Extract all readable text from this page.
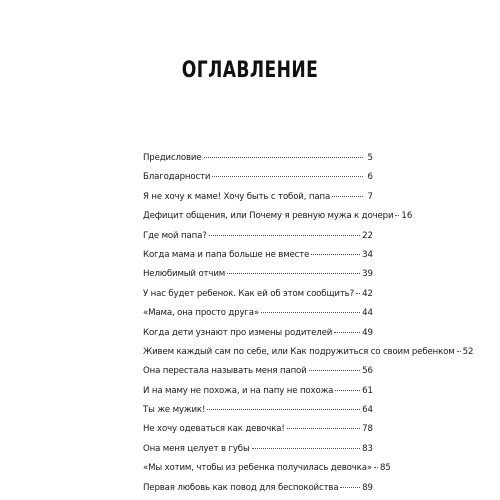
ОГЛАВЛЕНИЕ
Предисловие	5
Благодарности	6
Я не хочу к маме! Хочу быть с тобой, папа	7
Дефицит общения, или Почему я ревную мужа к дочери 16
Где мой папа?	22
Когда мама и папа больше не вместе	34
Нелюбимый отчим	39
У нас будет ребенок. Как ей об этом сообщить? 42
«Мама, она просто друга»	44
Когда дети узнают про измены родителей	49
Живем каждый сам по себе, или Как подружиться со своим ребенком 52
Она перестала называть меня папой	56
И на маму не похожа, и на папу не похожа	61
Ты же мужик!	64
Не хочу одеваться как девочка!	78
Она меня целует в губы	83
«Мы хотим, чтобы из ребенка получилась девочка» 85
Первая любовь как повод для беспокойства	89
